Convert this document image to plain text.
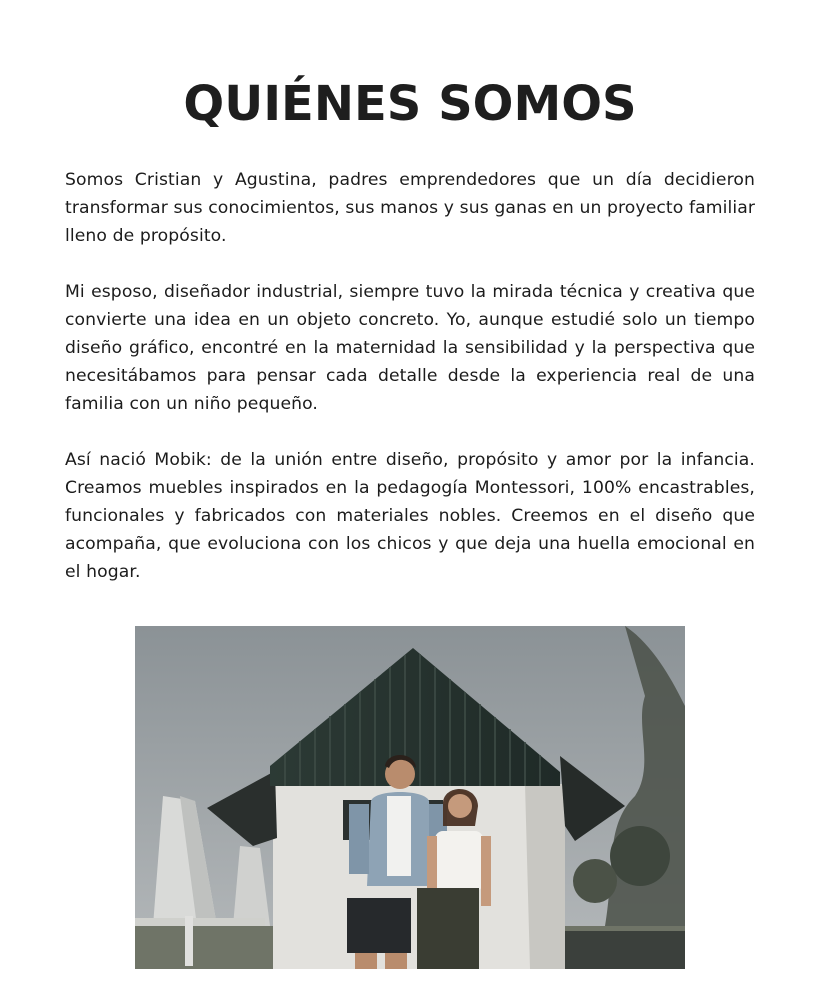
QUIÉNES SOMOS

Somos Cristian y Agustina, padres emprendedores que un día decidieron transformar sus conocimientos, sus manos y sus ganas en un proyecto familiar lleno de propósito.

Mi esposo, diseñador industrial, siempre tuvo la mirada técnica y creativa que convierte una idea en un objeto concreto. Yo, aunque estudié solo un tiempo diseño gráfico, encontré en la maternidad la sensibilidad y la perspectiva que necesitábamos para pensar cada detalle desde la experiencia real de una familia con un niño pequeño.

Así nació Mobik: de la unión entre diseño, propósito y amor por la infancia. Creamos muebles inspirados en la pedagogía Montessori, 100% encastrables, funcionales y fabricados con materiales nobles. Creemos en el diseño que acompaña, que evoluciona con los chicos y que deja una huella emocional en el hogar.
